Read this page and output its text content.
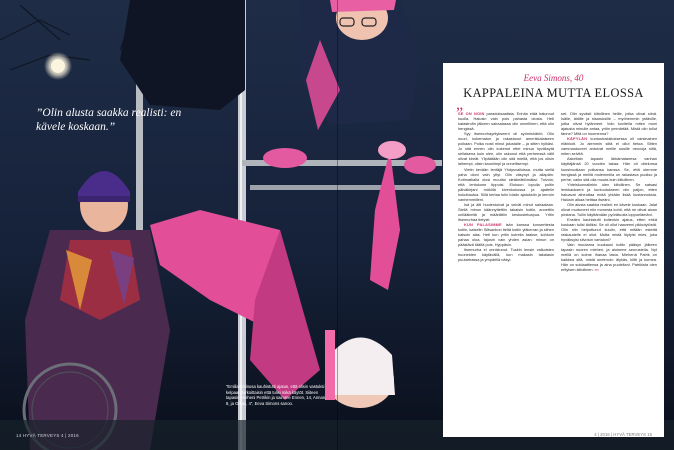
”Olin alusta saakka realisti: en kävele koskaan.”

”Emilian minusa kauhistutti ajatus, että olisin vastuksi kelpaan tarkoittaisin että tulisi mikä käytöt. Siiteen tapasin mieheni Petrikin ja saimme Ennen, 14, Annan, 8, ja Odian, 4”, Eeva Simons sanoo.

14 HYVÄ TERVEYS 4 | 2016
Eeva Simons, 40
KAPPALEINA MUTTA ELOSSA
”

SE ON NOIN paradoksaalista. Enhän elää halunnut kuolla. Halusin vain pois pahasta olosta. Heti katastrofin jälkeen sairaalassa olin onnellinen, että olin hengissä.

Syy itsemurhayritykseeni oli syömishäiriö. Olin nuori, kokematon ja rakastunut amerikkalaiseen poikaan. Poika nosti minut jalustalle – ja sitten hylkäsi. Jo sitä ennen olin kokenut ettei minua hyväksytä sellaisena kuin olen, olin uskonut että perheessä välit olivat kireät. Ylipäätään olin sitä mieltä, että jos olisin laihempi, olisin kauniimpi ja onnellisempi.

Vietin kevään lentäjä Yhdysvalloissa, mutta siellä paha oloni vain yltyi. Olin väsynyt ja allapäin. Kotimatkalla olosi muuttui sietämättömäksi. Toivoin, että lentokone tippuisi. Elokuun lopulla poltin päiväkirjani mökillä kivenkokossa ja ajattelin hukuttautua. Sillä kertaa tulin toisiin ajatuksiin ja kerroin vanhemmilleni.

Isä ja äiti huolestuivat ja veivät minut sairaalaan. Siellä minun käännyttettiin takaisin kotiin, annettiin unilääkettä ja määrättiin keskusteluapua. Yritin itsemurhaa tietysti.

KUN PALASIMME isän kanssa konserttesta kotiin, katselin Siltsankon tieltä kotiin yläkerran ja siihen katsoin alas. Heti kun yritin koirella taakse, kohkoin pahaa oloa, tajusin vain yhden asian: minun on päästävä täältä pois. Hyppäsin.

Itsemurha ei onnistunut. Tuskin lensin valkoisten huoneiden käytävällä, kun makasin takalasin puutarhassa ja ympärillä näkyi.

set. Olin syvästi kiitollinen heille, jotka olivat siinä. Isälle, äidille ja sisaruksille – myöhemmin ystäville, jotka olivat hylänneet. Voin kuvitella miten moni ajatusta minulle antaa, yritin ymmärtää. Mistä olin tullut tänne? Mitä on huomenna?

KÄPYLÄN kuntoutuslaitoksessa oli varsinainen eläinkoti. Jo aiemmin siitä ei ollut tietoa. Sitten vammautuneet antoivat meille uusille neuvoja siitä, miten selvitä.

Askeltain tapasin lärkämatanesa vanhan käyttäjänsä 20 vuoden takaa. Hän oli ottelunsa kuusivuotiaan poikansa kanssa. Se, että olemme hengissä ja meillä molemmilla on rakastava puoliso ja perhe; vaiko sitä olla muuta kuin kiitollinen.

Yhteiskunnallekin olen kiitollinen. Se satsasi lenkkaukseni ja kuntoutukseen niin paljon, etten haluavat aiheuttaa enää yhtään lisää kustannuksia. Halusin alkaa heittaa itseäni.

Olin alusta saakka realisti: en kävele koskaan. Jalat olivat murtuneet niin monesta kohti, että ne olivat aivan pirstana. Tuliin käyttämään pyörätuolia loppuelämäni.

Ensiten kauhistutti kuitenkin ajatus, etten ehkä koskaan tulisi äidiksi. Se oli ollut haaveeni pikkutytöstä. Olin niin helpottunut kuulin, että mitään estettä raskaudelle ei ollut. Mutta mistä löytyisi mies, joka hyväksyisi silvotun vartaloni?

Vain muutama kuukausi kotiin pääsyn jälkeen tapasin nuoren miehen, ja aloimme seurustella. Nyt meillä on kolme ihanaa lasta. Miehenä Patrik on kaikkea sitä, mistä unelmoin: älykäs, kiltti ja komea. Hän on soldaattiensa ja aina puolellani. Patrikista olen erityisen kiitollinen. ▪▪▪

4 | 2016 | HYVÄ TERVEYS 15
